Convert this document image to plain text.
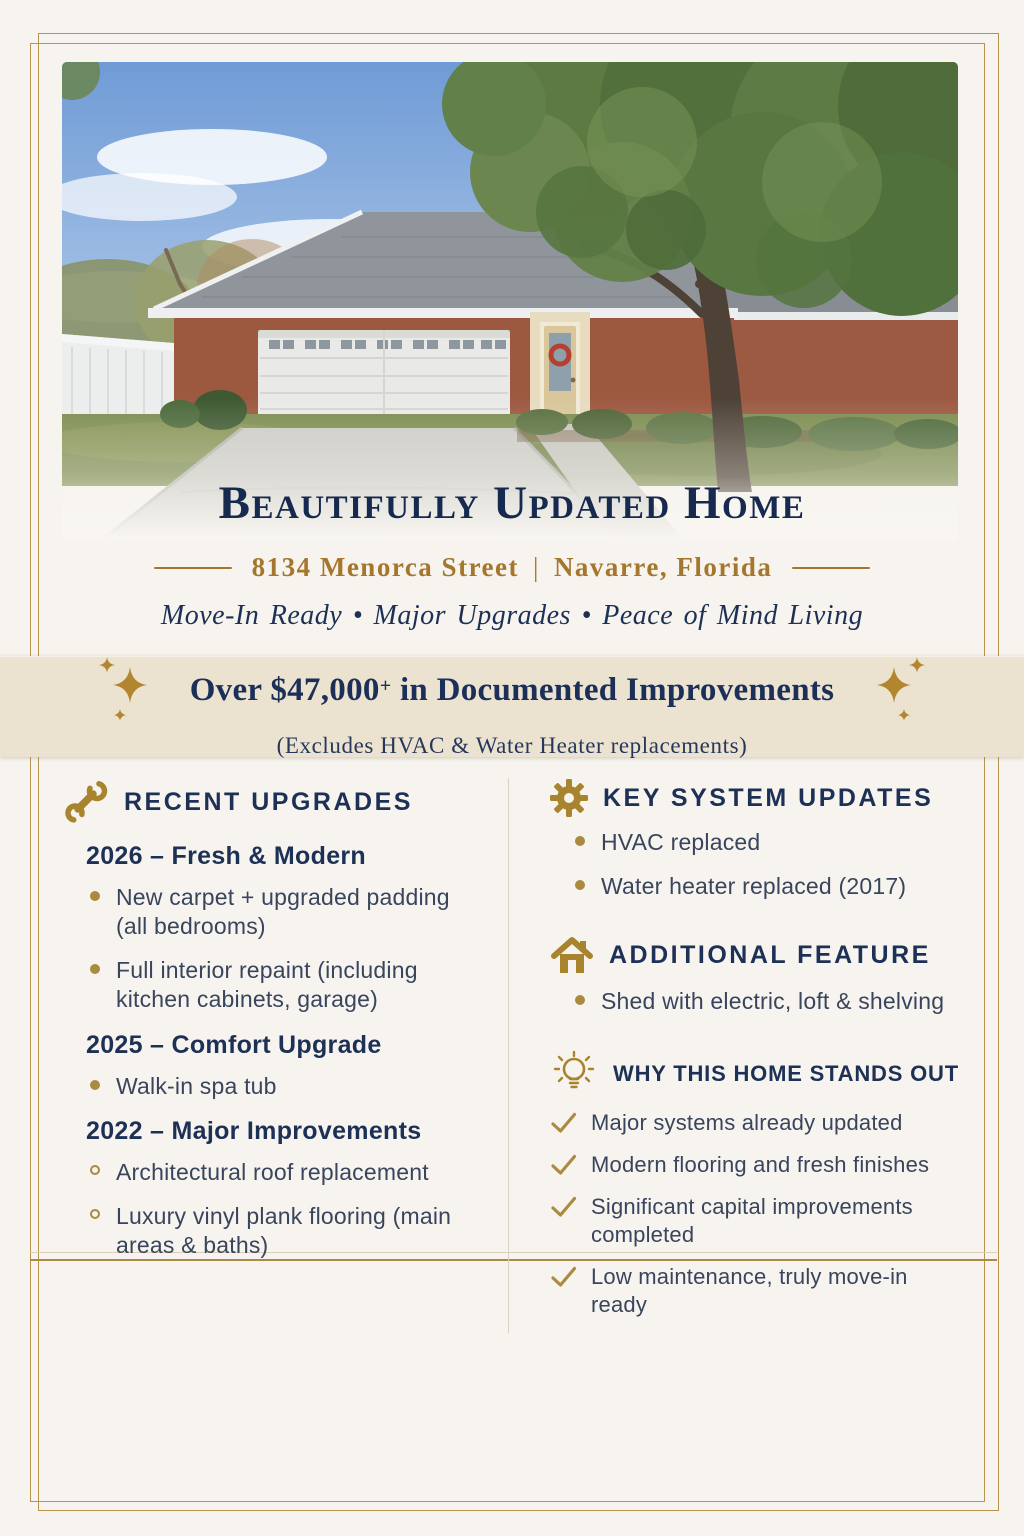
Beautifully Updated Home
8134 Menorca Street | Navarre, Florida
Move-In Ready • Major Upgrades • Peace of Mind Living
Over $47,000+ in Documented Improvements
(Excludes HVAC & Water Heater replacements)
RECENT UPGRADES
2026 – Fresh & Modern
New carpet + upgraded padding (all bedrooms)
Full interior repaint (including kitchen cabinets, garage)
2025 – Comfort Upgrade
Walk-in spa tub
2022 – Major Improvements
Architectural roof replacement
Luxury vinyl plank flooring (main areas & baths)
KEY SYSTEM UPDATES
HVAC replaced
Water heater replaced (2017)
ADDITIONAL FEATURE
Shed with electric, loft & shelving
WHY THIS HOME STANDS OUT
Major systems already updated
Modern flooring and fresh finishes
Significant capital improvements completed
Low maintenance, truly move-in ready
